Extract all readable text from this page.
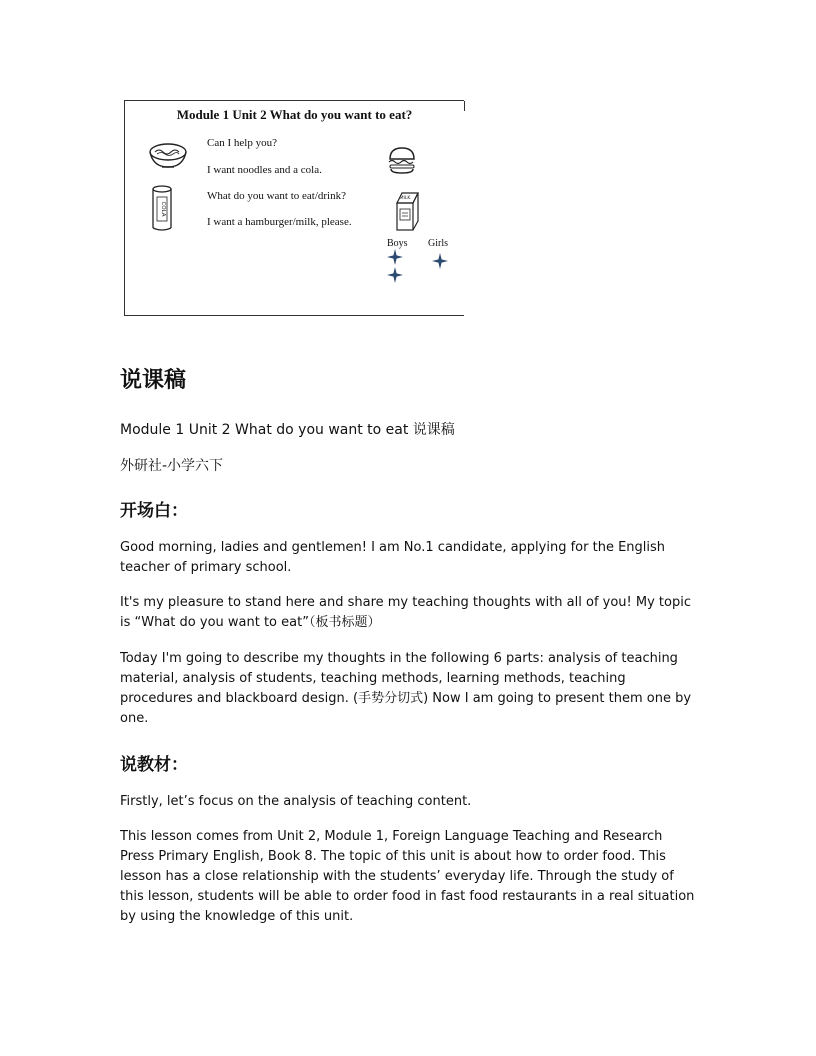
Module 1 Unit 2 What do you want to eat?
Can I help you?
I want noodles and a cola.
What do you want to eat/drink?
I want a hamburger/milk, please.
COLA
MILK
Boys Girls
说课稿

Module 1 Unit 2 What do you want to eat 说课稿

外研社-小学六下

开场白：

Good morning, ladies and gentlemen! I am No.1 candidate, applying for the English teacher of primary school.

It's my pleasure to stand here and share my teaching thoughts with all of you! My topic is “What do you want to eat”（板书标题）

Today I'm going to describe my thoughts in the following 6 parts: analysis of teaching material, analysis of students, teaching methods, learning methods, teaching procedures and blackboard design. (手势分切式) Now I am going to present them one by one.

说教材：

Firstly, let’s focus on the analysis of teaching content.

This lesson comes from Unit 2, Module 1, Foreign Language Teaching and Research Press Primary English, Book 8. The topic of this unit is about how to order food. This lesson has a close relationship with the students’ everyday life. Through the study of this lesson, students will be able to order food in fast food restaurants in a real situation by using the knowledge of this unit.
